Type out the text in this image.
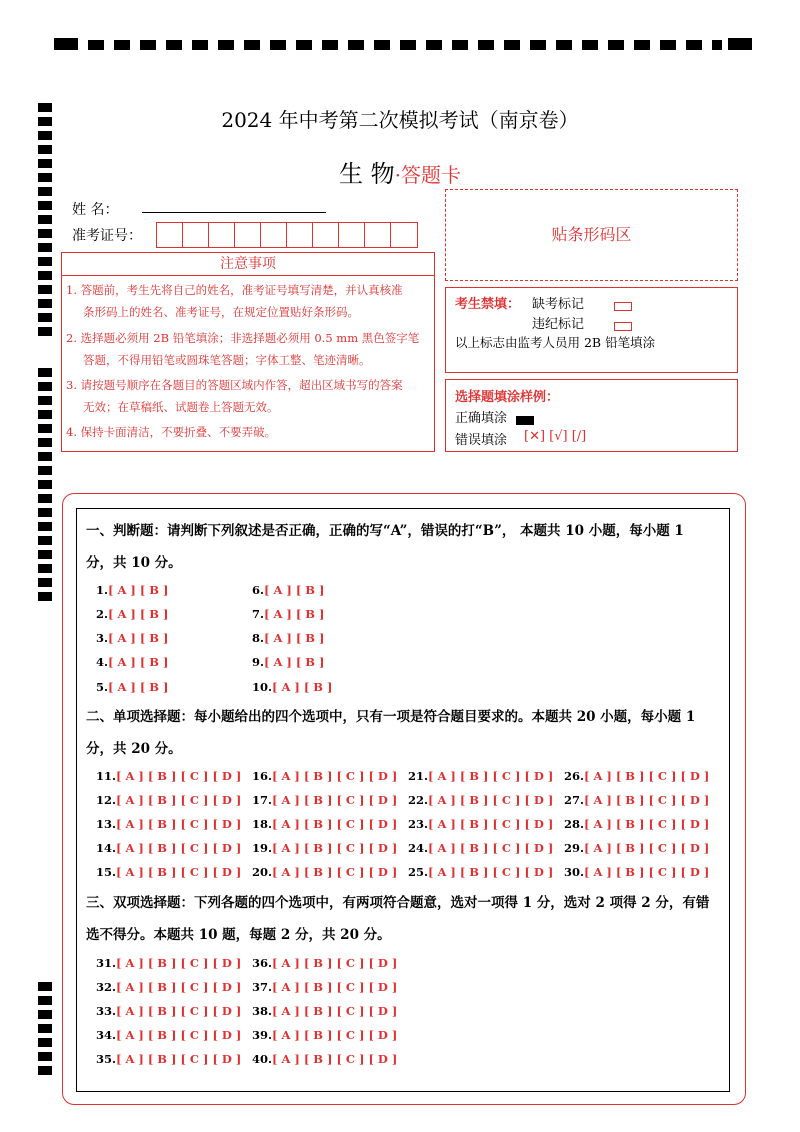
2024 年中考第二次模拟考试（南京卷）
生 物·答题卡
姓 名：
准考证号：	贴条形码区
注意事项
1. 答题前，考生先将自己的姓名，准考证号填写清楚，并认真核准
条形码上的姓名、准考证号，在规定位置贴好条形码。
2. 选择题必须用 2B 铅笔填涂；非选择题必须用 0.5 mm 黑色签字笔
答题，不得用铅笔或圆珠笔答题；字体工整、笔迹清晰。
3. 请按题号顺序在各题目的答题区域内作答，超出区域书写的答案
无效；在草稿纸、试题卷上答题无效。
4. 保持卡面清洁，不要折叠、不要弄破。
考生禁填： 缺考标记
违纪标记
以上标志由监考人员用 2B 铅笔填涂
选择题填涂样例：
正确填涂
错误填涂 [✕] [√] [/]
一、判断题：请判断下列叙述是否正确，正确的写“A”，错误的打“B”， 本题共 10 小题，每小题 1
分，共 10 分。
1.[ A ] [ B ]
2.[ A ] [ B ]
3.[ A ] [ B ]
4.[ A ] [ B ]
5.[ A ] [ B ]
6.[ A ] [ B ]
7.[ A ] [ B ]
8.[ A ] [ B ]
9.[ A ] [ B ]
10.[ A ] [ B ]
二、单项选择题：每小题给出的四个选项中，只有一项是符合题目要求的。本题共 20 小题，每小题 1
分，共 20 分。
11.[ A ] [ B ] [ C ] [ D ]
12.[ A ] [ B ] [ C ] [ D ]
13.[ A ] [ B ] [ C ] [ D ]
14.[ A ] [ B ] [ C ] [ D ]
15.[ A ] [ B ] [ C ] [ D ]
16.[ A ] [ B ] [ C ] [ D ]
17.[ A ] [ B ] [ C ] [ D ]
18.[ A ] [ B ] [ C ] [ D ]
19.[ A ] [ B ] [ C ] [ D ]
20.[ A ] [ B ] [ C ] [ D ]
21.[ A ] [ B ] [ C ] [ D ]
22.[ A ] [ B ] [ C ] [ D ]
23.[ A ] [ B ] [ C ] [ D ]
24.[ A ] [ B ] [ C ] [ D ]
25.[ A ] [ B ] [ C ] [ D ]
26.[ A ] [ B ] [ C ] [ D ]
27.[ A ] [ B ] [ C ] [ D ]
28.[ A ] [ B ] [ C ] [ D ]
29.[ A ] [ B ] [ C ] [ D ]
30.[ A ] [ B ] [ C ] [ D ]
三、双项选择题：下列各题的四个选项中，有两项符合题意，选对一项得 1 分，选对 2 项得 2 分，有错
选不得分。本题共 10 题，每题 2 分，共 20 分。
31.[ A ] [ B ] [ C ] [ D ]
32.[ A ] [ B ] [ C ] [ D ]
33.[ A ] [ B ] [ C ] [ D ]
34.[ A ] [ B ] [ C ] [ D ]
35.[ A ] [ B ] [ C ] [ D ]
36.[ A ] [ B ] [ C ] [ D ]
37.[ A ] [ B ] [ C ] [ D ]
38.[ A ] [ B ] [ C ] [ D ]
39.[ A ] [ B ] [ C ] [ D ]
40.[ A ] [ B ] [ C ] [ D ]
